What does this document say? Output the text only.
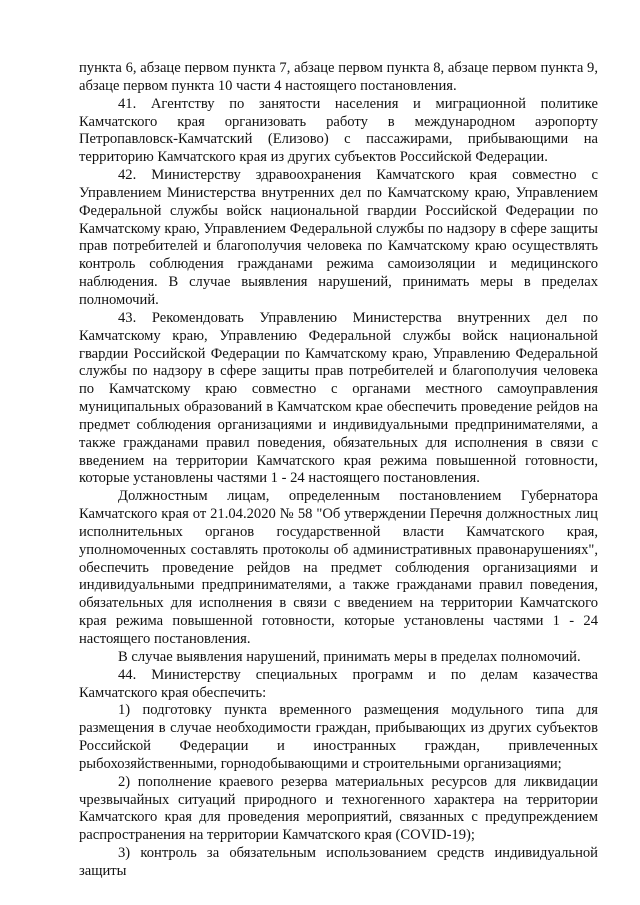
пункта 6, абзаце первом пункта 7, абзаце первом пункта 8, абзаце первом пункта 9, абзаце первом пункта 10 части 4 настоящего постановления.

41. Агентству по занятости населения и миграционной политике Камчатского края организовать работу в международном аэропорту Петропавловск-Камчатский (Елизово) с пассажирами, прибывающими на территорию Камчатского края из других субъектов Российской Федерации.

42. Министерству здравоохранения Камчатского края совместно с Управлением Министерства внутренних дел по Камчатскому краю, Управлением Федеральной службы войск национальной гвардии Российской Федерации по Камчатскому краю, Управлением Федеральной службы по надзору в сфере защиты прав потребителей и благополучия человека по Камчатскому краю осуществлять контроль соблюдения гражданами режима самоизоляции и медицинского наблюдения. В случае выявления нарушений, принимать меры в пределах полномочий.

43. Рекомендовать Управлению Министерства внутренних дел по Камчатскому краю, Управлению Федеральной службы войск национальной гвардии Российской Федерации по Камчатскому краю, Управлению Федеральной службы по надзору в сфере защиты прав потребителей и благополучия человека по Камчатскому краю совместно с органами местного самоуправления муниципальных образований в Камчатском крае обеспечить проведение рейдов на предмет соблюдения организациями и индивидуальными предпринимателями, а также гражданами правил поведения, обязательных для исполнения в связи с введением на территории Камчатского края режима повышенной готовности, которые установлены частями 1 - 24 настоящего постановления.

Должностным лицам, определенным постановлением Губернатора Камчатского края от 21.04.2020 № 58 "Об утверждении Перечня должностных лиц исполнительных органов государственной власти Камчатского края, уполномоченных составлять протоколы об административных правонарушениях", обеспечить проведение рейдов на предмет соблюдения организациями и индивидуальными предпринимателями, а также гражданами правил поведения, обязательных для исполнения в связи с введением на территории Камчатского края режима повышенной готовности, которые установлены частями 1 - 24 настоящего постановления.

В случае выявления нарушений, принимать меры в пределах полномочий.

44. Министерству специальных программ и по делам казачества Камчатского края обеспечить:

1) подготовку пункта временного размещения модульного типа для размещения в случае необходимости граждан, прибывающих из других субъектов Российской Федерации и иностранных граждан, привлеченных рыбохозяйственными, горнодобывающими и строительными организациями;

2) пополнение краевого резерва материальных ресурсов для ликвидации чрезвычайных ситуаций природного и техногенного характера на территории Камчатского края для проведения мероприятий, связанных с предупреждением распространения на территории Камчатского края (COVID-19);

3) контроль за обязательным использованием средств индивидуальной защиты
